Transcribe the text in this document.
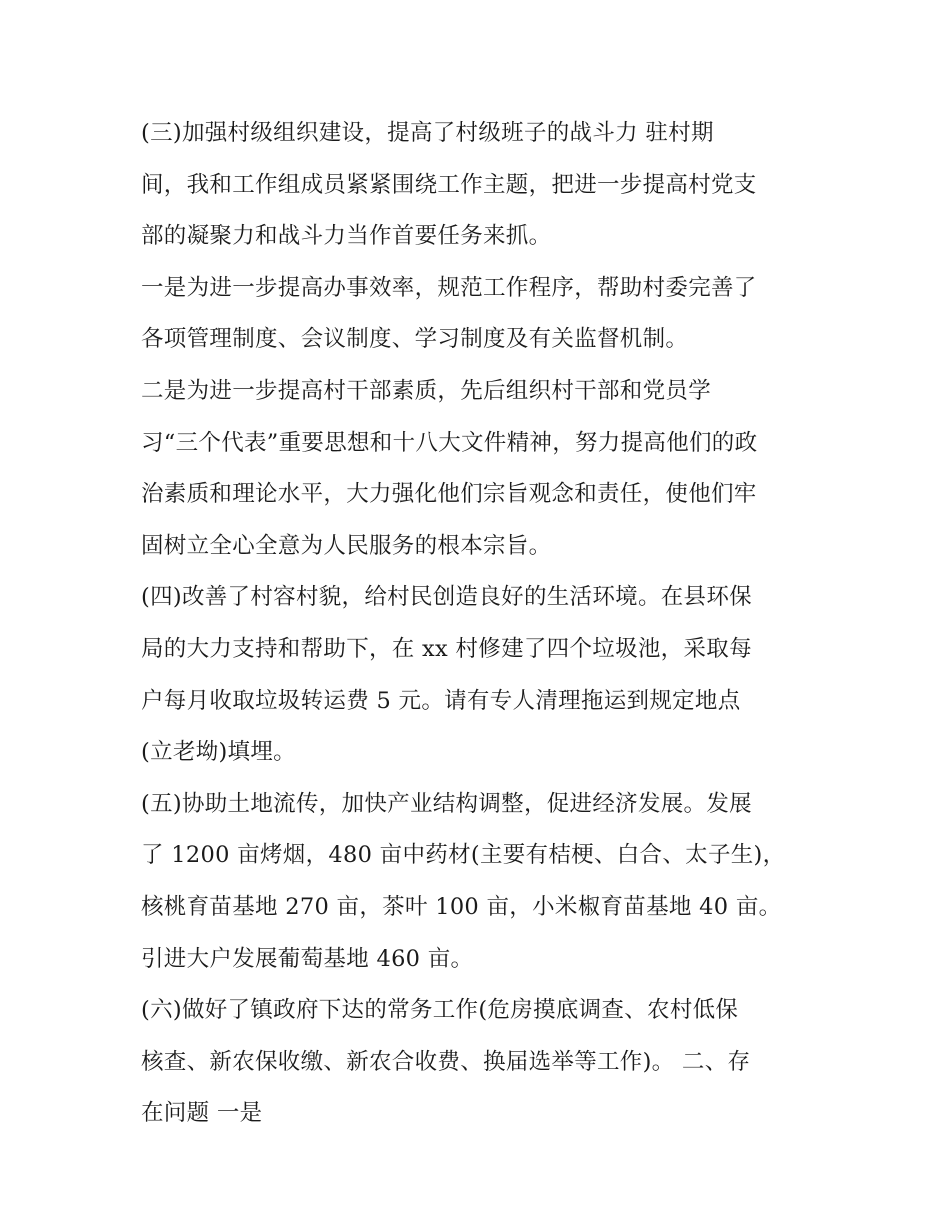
(三)加强村级组织建设，提高了村级班子的战斗力 驻村期
间，我和工作组成员紧紧围绕工作主题，把进一步提高村党支
部的凝聚力和战斗力当作首要任务来抓。
一是为进一步提高办事效率，规范工作程序，帮助村委完善了
各项管理制度、会议制度、学习制度及有关监督机制。
二是为进一步提高村干部素质，先后组织村干部和党员学
习“三个代表”重要思想和十八大文件精神，努力提高他们的政
治素质和理论水平，大力强化他们宗旨观念和责任，使他们牢
固树立全心全意为人民服务的根本宗旨。
(四)改善了村容村貌，给村民创造良好的生活环境。在县环保
局的大力支持和帮助下，在 xx 村修建了四个垃圾池，采取每
户每月收取垃圾转运费 5 元。请有专人清理拖运到规定地点
(立老坳)填埋。
(五)协助土地流传，加快产业结构调整，促进经济发展。发展
了 1200 亩烤烟，480 亩中药材(主要有桔梗、白合、太子生)，
核桃育苗基地 270 亩，茶叶 100 亩，小米椒育苗基地 40 亩。
引进大户发展葡萄基地 460 亩。
(六)做好了镇政府下达的常务工作(危房摸底调查、农村低保
核查、新农保收缴、新农合收费、换届选举等工作)。 二、存
在问题 一是
